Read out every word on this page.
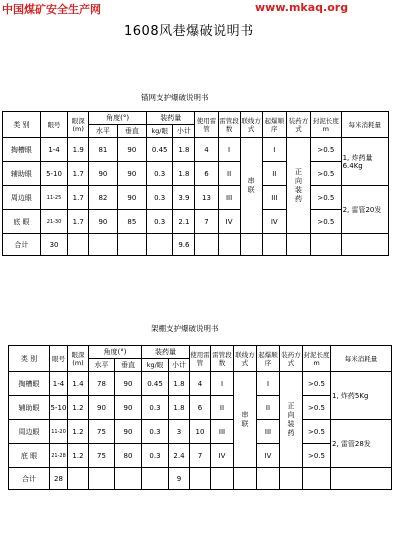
中国煤矿安全生产网	www.mkaq.org
1608风巷爆破说明书
锚网支护爆破说明书
类 别	眼号	眼深(m)	角度(°)		装药量		使用雷管	雷管段数	联线方式	起爆顺序	装药方式	封泥长度m	每米消耗量
			水平	垂直	kg/眼	小计							
掏槽眼	1-4	1.9	81	90	0.45	1.8	4	I	串联	I	正向装药	>0.5	1, 炸药量6.4Kg
辅助眼	5-10	1.7	90	90	0.3	1.8	6	II		II		>0.5	
周边眼	11-25	1.7	82	90	0.3	3.9	13	III		III		>0.5	2, 雷管20发
底 眼	21-30	1.7	90	85	0.3	2.1	7	IV		IV		>0.5	
合计	30					9.6							
架棚支护爆破说明书
类 别	眼号	眼深(m)	角度(°)		装药量		使用雷管	雷管段数	联线方式	起爆顺序	装药方式	封泥长度m	每米消耗量
			水平	垂直	kg/眼	小计							
掏槽眼	1-4	1.4	78	90	0.45	1.8	4	I	串联	I	正向装药	>0.5	1, 炸药5Kg
辅助眼	5-10	1.2	90	90	0.3	1.8	6	II		II		>0.5	
周边眼	11-20	1.2	75	90	0.3	3	10	III		III		>0.5	2, 雷管28发
底 眼	21-28	1.2	75	80	0.3	2.4	7	IV		IV		>0.5	
合计	28					9							
